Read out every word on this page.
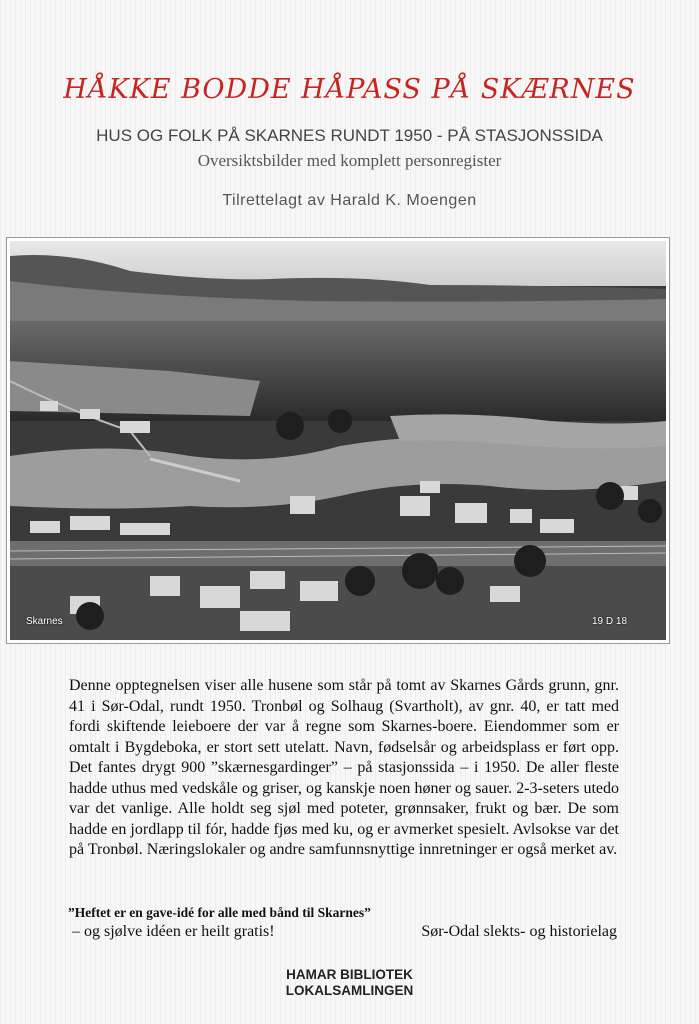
HÅKKE BODDE HÅPASS PÅ SKÆRNES
HUS OG FOLK PÅ SKARNES RUNDT 1950 - PÅ STASJONSSIDA
Oversiktsbilder med komplett personregister
Tilrettelagt av Harald K. Moengen
Skarnes	19 D 18
Denne opptegnelsen viser alle husene som står på tomt av Skarnes Gårds grunn, gnr. 41 i Sør-Odal, rundt 1950. Tronbøl og Solhaug (Svartholt), av gnr. 40, er tatt med fordi skiftende leieboere der var å regne som Skarnes-boere. Eiendommer som er omtalt i Bygdeboka, er stort sett utelatt. Navn, fødselsår og arbeidsplass er ført opp. Det fantes drygt 900 ”skærnesgardinger” – på stasjonssida – i 1950. De aller fleste hadde uthus med vedskåle og griser, og kanskje noen høner og sauer. 2-3-seters utedo var det vanlige. Alle holdt seg sjøl med poteter, grønnsaker, frukt og bær. De som hadde en jordlapp til fór, hadde fjøs med ku, og er avmerket spesielt. Avlsokse var det på Tronbøl. Næringslokaler og andre samfunnsnyttige innretninger er også merket av.
”Heftet er en gave-idé for alle med bånd til Skarnes”
– og sjølve idéen er heilt gratis!	Sør-Odal slekts- og historielag
HAMAR BIBLIOTEK
LOKALSAMLINGEN
